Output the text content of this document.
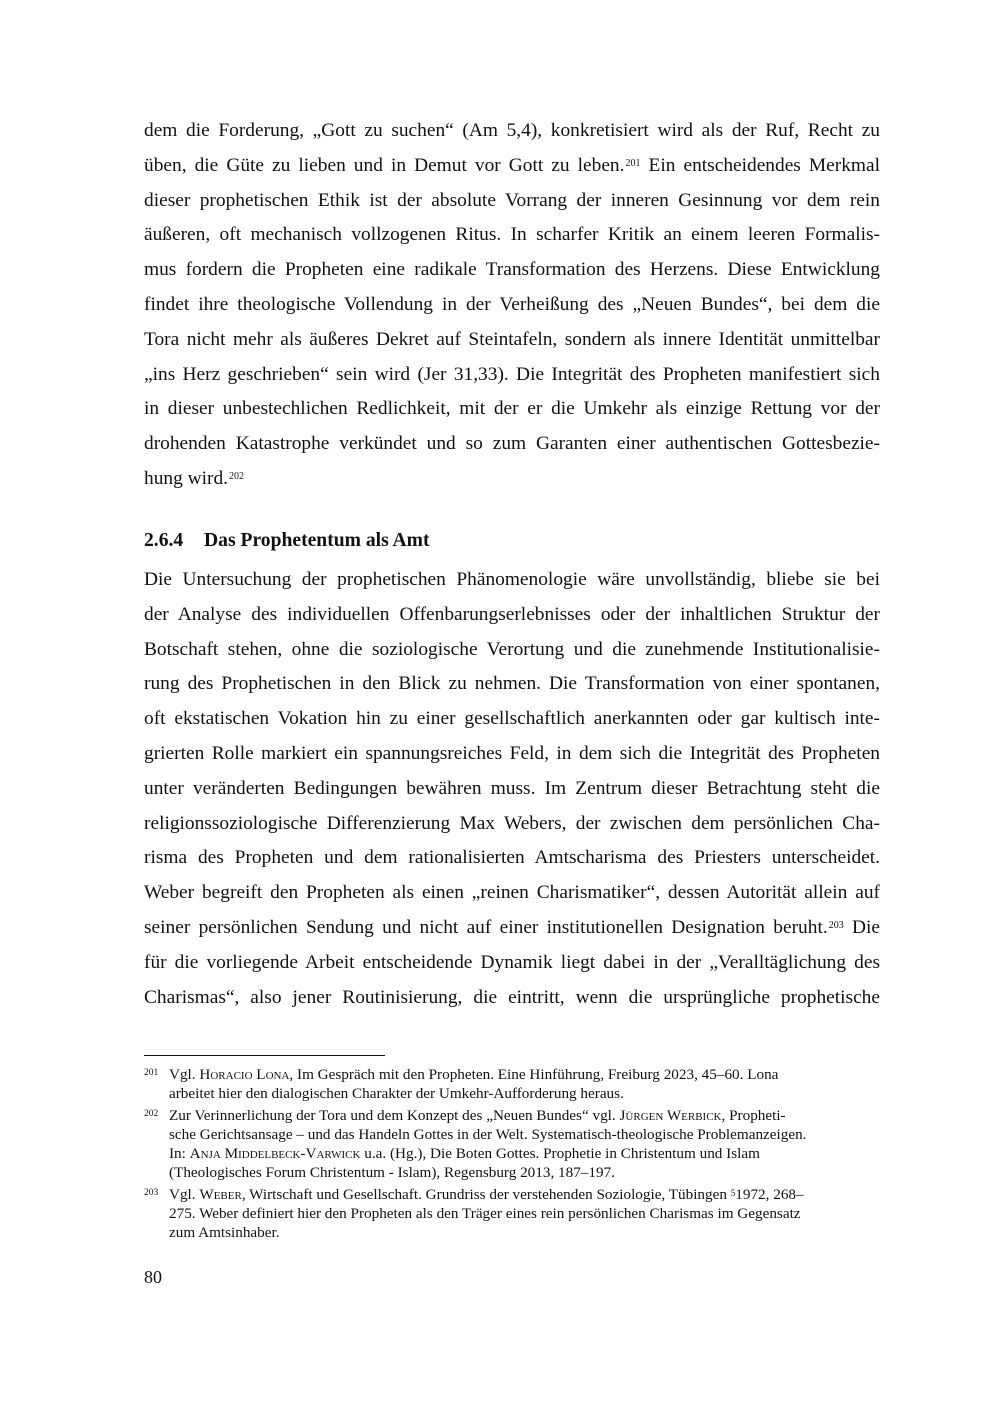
dem die Forderung, „Gott zu suchen“ (Am 5,4), konkretisiert wird als der Ruf, Recht zu
üben, die Güte zu lieben und in Demut vor Gott zu leben.$^{201}$ Ein entscheidendes Merkmal
dieser prophetischen Ethik ist der absolute Vorrang der inneren Gesinnung vor dem rein
äußeren, oft mechanisch vollzogenen Ritus. In scharfer Kritik an einem leeren Formalis-
mus fordern die Propheten eine radikale Transformation des Herzens. Diese Entwicklung
findet ihre theologische Vollendung in der Verheißung des „Neuen Bundes“, bei dem die
Tora nicht mehr als äußeres Dekret auf Steintafeln, sondern als innere Identität unmittelbar
„ins Herz geschrieben“ sein wird (Jer 31,33). Die Integrität des Propheten manifestiert sich
in dieser unbestechlichen Redlichkeit, mit der er die Umkehr als einzige Rettung vor der
drohenden Katastrophe verkündet und so zum Garanten einer authentischen Gottesbezie-
hung wird.$^{202}$
2.6.4 Das Prophetentum als Amt
Die Untersuchung der prophetischen Phänomenologie wäre unvollständig, bliebe sie bei
der Analyse des individuellen Offenbarungserlebnisses oder der inhaltlichen Struktur der
Botschaft stehen, ohne die soziologische Verortung und die zunehmende Institutionalisie-
rung des Prophetischen in den Blick zu nehmen. Die Transformation von einer spontanen,
oft ekstatischen Vokation hin zu einer gesellschaftlich anerkannten oder gar kultisch inte-
grierten Rolle markiert ein spannungsreiches Feld, in dem sich die Integrität des Propheten
unter veränderten Bedingungen bewähren muss. Im Zentrum dieser Betrachtung steht die
religionssoziologische Differenzierung Max Webers, der zwischen dem persönlichen Cha-
risma des Propheten und dem rationalisierten Amtscharisma des Priesters unterscheidet.
Weber begreift den Propheten als einen „reinen Charismatiker“, dessen Autorität allein auf
seiner persönlichen Sendung und nicht auf einer institutionellen Designation beruht.$^{203}$ Die
für die vorliegende Arbeit entscheidende Dynamik liegt dabei in der „Veralltäglichung des
Charismas“, also jener Routinisierung, die eintritt, wenn die ursprüngliche prophetische
201 Vgl. Horacio Lona, Im Gespräch mit den Propheten. Eine Hinführung, Freiburg 2023, 45–60. Lona
arbeitet hier den dialogischen Charakter der Umkehr-Aufforderung heraus.
202 Zur Verinnerlichung der Tora und dem Konzept des „Neuen Bundes“ vgl. Jürgen Werbick, Propheti-
sche Gerichtsansage – und das Handeln Gottes in der Welt. Systematisch-theologische Problemanzeigen.
In: Anja Middelbeck-Varwick u.a. (Hg.), Die Boten Gottes. Prophetie in Christentum und Islam
(Theologisches Forum Christentum - Islam), Regensburg 2013, 187–197.
203 Vgl. Weber, Wirtschaft und Gesellschaft. Grundriss der verstehenden Soziologie, Tübingen $^5$1972, 268–
275. Weber definiert hier den Propheten als den Träger eines rein persönlichen Charismas im Gegensatz
zum Amtsinhaber.
80
